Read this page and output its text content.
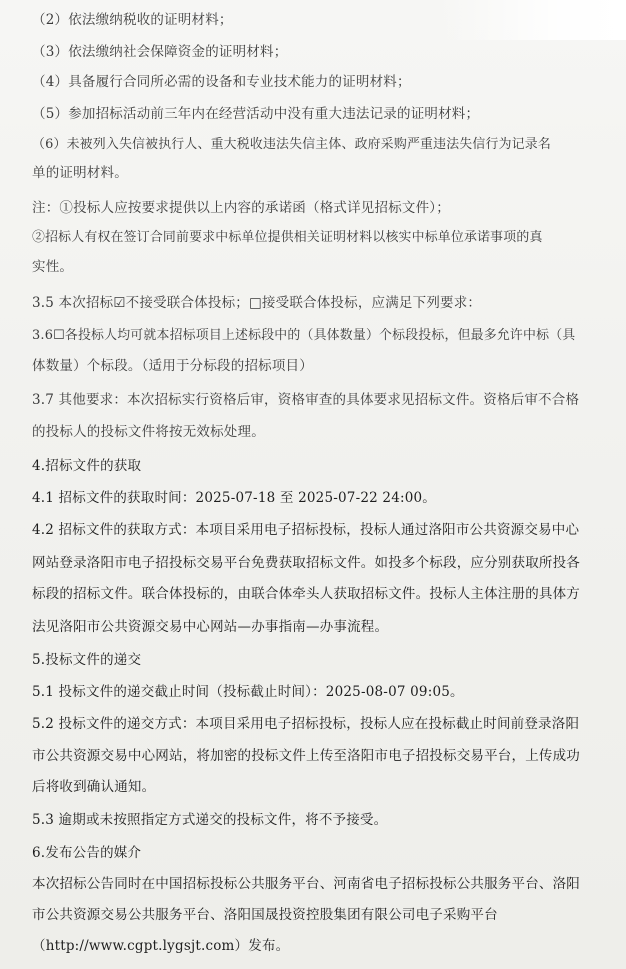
（2）依法缴纳税收的证明材料；
（3）依法缴纳社会保障资金的证明材料；
（4）具备履行合同所必需的设备和专业技术能力的证明材料；
（5）参加招标活动前三年内在经营活动中没有重大违法记录的证明材料；
（6）未被列入失信被执行人、重大税收违法失信主体、政府采购严重违法失信行为记录名
单的证明材料。
注：①投标人应按要求提供以上内容的承诺函（格式详见招标文件）；
②招标人有权在签订合同前要求中标单位提供相关证明材料以核实中标单位承诺事项的真
实性。
3.5 本次招标☑不接受联合体投标；□接受联合体投标，应满足下列要求：
3.6☐各投标人均可就本招标项目上述标段中的（具体数量）个标段投标，但最多允许中标（具
体数量）个标段。（适用于分标段的招标项目）
3.7 其他要求：本次招标实行资格后审，资格审查的具体要求见招标文件。资格后审不合格
的投标人的投标文件将按无效标处理。
4.招标文件的获取
4.1 招标文件的获取时间：2025-07-18 至 2025-07-22 24:00。
4.2 招标文件的获取方式：本项目采用电子招标投标，投标人通过洛阳市公共资源交易中心
网站登录洛阳市电子招投标交易平台免费获取招标文件。如投多个标段，应分别获取所投各
标段的招标文件。联合体投标的，由联合体牵头人获取招标文件。投标人主体注册的具体方
法见洛阳市公共资源交易中心网站—办事指南—办事流程。
5.投标文件的递交
5.1 投标文件的递交截止时间（投标截止时间）：2025-08-07 09:05。
5.2 投标文件的递交方式：本项目采用电子招标投标，投标人应在投标截止时间前登录洛阳
市公共资源交易中心网站，将加密的投标文件上传至洛阳市电子招投标交易平台，上传成功
后将收到确认通知。
5.3 逾期或未按照指定方式递交的投标文件，将不予接受。
6.发布公告的媒介
本次招标公告同时在中国招标投标公共服务平台、河南省电子招标投标公共服务平台、洛阳
市公共资源交易公共服务平台、洛阳国晟投资控股集团有限公司电子采购平台
（http://www.cgpt.lygsjt.com）发布。
